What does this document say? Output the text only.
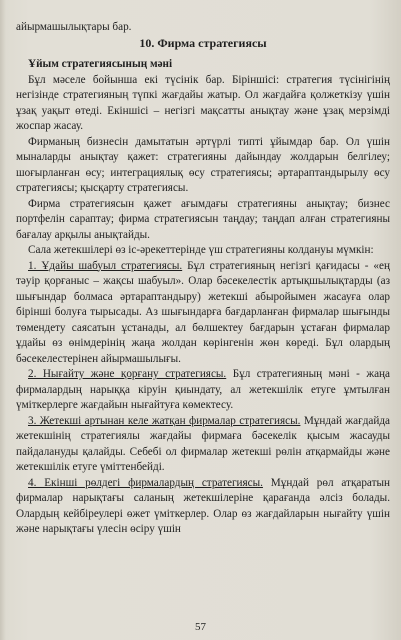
айырмашылықтары бар.

10. Фирма стратегиясы

Ұйым стратегиясының мәні

Бұл мәселе бойынша екі түсінік бар. Біріншісі: стратегия түсінігінің негізінде стратегияның түпкі жағдайы жатыр. Ол жағдайға қолжеткізу үшін ұзақ уақыт өтеді. Екіншісі – негізгі мақсатты анықтау және ұзақ мерзімді жоспар жасау.

Фирманың бизнесін дамытатын әртүрлі типті ұйымдар бар. Ол үшін мыналарды анықтау қажет: стратегияны дайындау жолдарын белгілеу; шоғырланған өсу; интеграциялық өсу стратегиясы; әртараптандырылу өсу стратегиясы; қысқарту стратегиясы.

Фирма стратегиясын қажет ағымдағы стратегияны анықтау; бизнес портфелін сараптау; фирма стратегиясын таңдау; таңдап алған стратегияны бағалау арқылы анықтайды.

Сала жетекшілері өз іс-әрекеттерінде үш стратегияны колдануы мүмкін:

1. Ұдайы шабуыл стратегиясы. Бұл стратегияның негізгі қағидасы - «ең тәуір қорғаныс – жақсы шабуыл». Олар бәсекелестік артықшылықтарды (аз шығындар болмаса әртараптандыру) жетекші абыройымен жасауға олар бірінші болуға тырысады. Аз шығындарға бағдарланған фирмалар шығынды төмендету саясатын ұстанады, ал бөлшектеу бағдарын ұстаған фирмалар ұдайы өз өнімдерінің жаңа жолдан көрінгенін жөн көреді. Бұл олардың бәсекелестерінен айырмашылығы.

2. Нығайту және қорғану стратегиясы. Бұл стратегияның мәні - жаңа фирмалардың нарыққа кіруін қиындату, ал жетекшілік етуге ұмтылған үміткерлерге жағдайын нығайтуға көмектесу.

3. Жетекші артынан келе жатқан фирмалар стратегиясы. Мұндай жағдайда жетекшінің стратегиялы жағдайы фирмаға бәсекелік қысым жасауды пайдалануды қалайды. Себебі ол фирмалар жетекші рөлін атқармайды және жетекшілік етуге үміттенбейді.

4. Екінші рөлдегі фирмалардың стратегиясы. Мұндай рөл атқаратын фирмалар нарықтағы саланың жетекшілеріне қарағанда әлсіз болады. Олардың кейбіреулері өжет үміткерлер. Олар өз жағдайларын нығайту үшін және нарықтағы үлесін өсіру үшін

57
